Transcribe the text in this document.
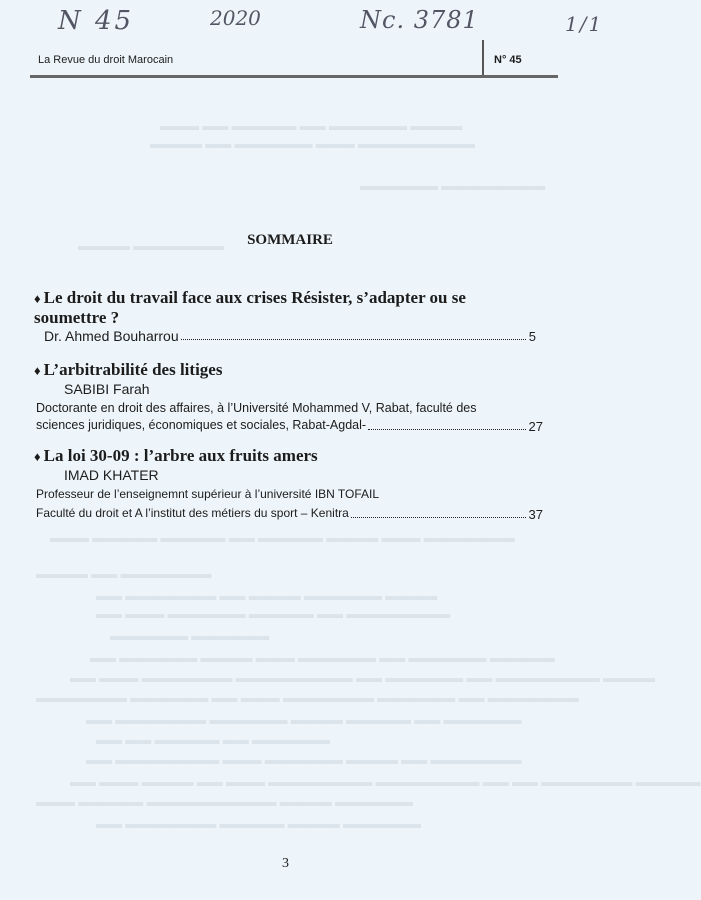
N 45	2020	Nc. 3781	1/1
La Revue du droit Marocain	N° 45
▬▬▬ ▬▬ ▬▬▬▬▬ ▬▬ ▬▬▬▬▬▬ ▬▬▬▬
▬▬▬▬ ▬▬ ▬▬▬▬▬▬ ▬▬▬ ▬▬▬▬▬▬▬▬▬
▬▬▬▬▬▬ ▬▬▬▬▬▬▬▬
▬▬▬▬ ▬▬▬▬▬▬▬
▬▬▬ ▬▬▬▬▬ ▬▬▬▬▬ ▬▬ ▬▬▬▬▬ ▬▬▬▬ ▬▬▬ ▬▬▬▬▬▬▬
▬▬▬▬ ▬▬ ▬▬▬▬▬▬▬
▬▬ ▬▬▬▬▬▬▬ ▬▬ ▬▬▬▬ ▬▬▬▬▬▬ ▬▬▬▬
▬▬ ▬▬▬ ▬▬▬▬▬▬ ▬▬▬▬▬ ▬▬ ▬▬▬▬▬▬▬▬
▬▬▬▬▬▬ ▬▬▬▬▬▬
▬▬ ▬▬▬▬▬▬ ▬▬▬▬ ▬▬▬ ▬▬▬▬▬▬ ▬▬ ▬▬▬▬▬▬ ▬▬▬▬▬
▬▬ ▬▬▬ ▬▬▬▬▬▬▬ ▬▬▬▬▬▬▬▬▬ ▬▬ ▬▬▬▬▬▬ ▬▬ ▬▬▬▬▬▬▬▬ ▬▬▬▬
▬▬▬▬▬▬▬ ▬▬▬▬▬▬ ▬▬ ▬▬▬ ▬▬▬▬▬▬▬ ▬▬▬▬▬▬ ▬▬ ▬▬▬▬▬▬▬
▬▬ ▬▬▬▬▬▬▬ ▬▬▬▬▬▬ ▬▬▬▬ ▬▬▬▬▬ ▬▬ ▬▬▬▬▬▬
▬▬ ▬▬ ▬▬▬▬▬ ▬▬ ▬▬▬▬▬▬
▬▬ ▬▬▬▬▬▬▬▬ ▬▬▬ ▬▬▬▬▬▬ ▬▬▬▬ ▬▬ ▬▬▬▬▬▬▬
▬▬ ▬▬▬ ▬▬▬▬ ▬▬ ▬▬▬ ▬▬▬▬▬▬▬▬ ▬▬▬▬▬▬▬▬ ▬▬ ▬▬ ▬▬▬▬▬▬▬ ▬▬▬▬▬
▬▬▬ ▬▬▬▬▬ ▬▬▬▬▬▬▬▬▬▬ ▬▬▬▬ ▬▬▬▬▬▬
▬▬ ▬▬▬▬▬▬▬ ▬▬▬▬▬ ▬▬▬▬ ▬▬▬▬▬▬
SOMMAIRE
♦ Le droit du travail face aux crises Résister, s’adapter ou se
soumettre ?
Dr. Ahmed Bouharrou	5
♦ L’arbitrabilité des litiges
SABIBI Farah
Doctorante en droit des affaires, à l’Université Mohammed V, Rabat, faculté des
sciences juridiques, économiques et sociales, Rabat-Agdal-	27
♦ La loi 30-09 : l’arbre aux fruits amers
IMAD KHATER
Professeur de l’enseignemnt supérieur à l’université IBN TOFAIL
Faculté du droit et A l’institut des métiers du sport – Kenitra	37
3
